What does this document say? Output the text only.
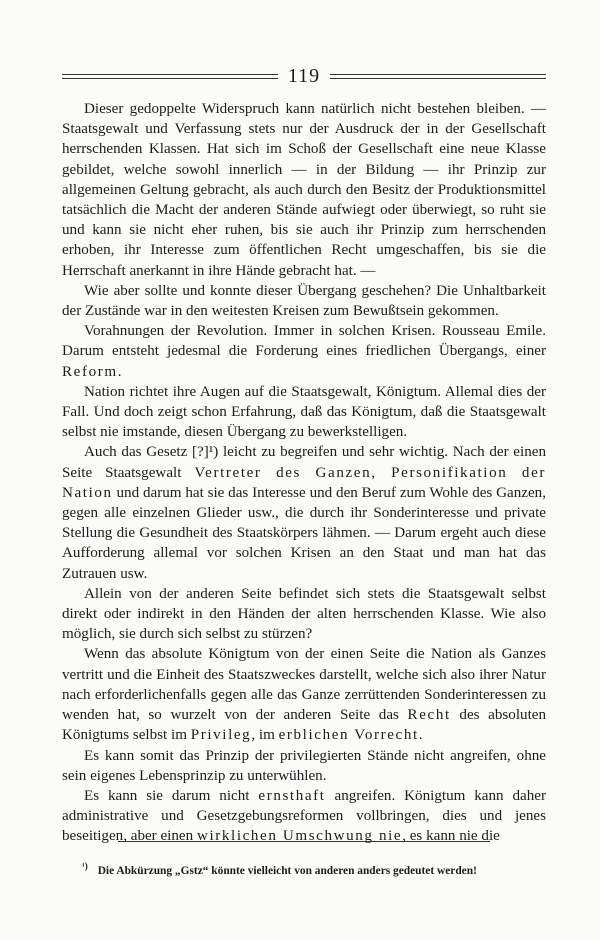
119

Dieser gedoppelte Widerspruch kann natürlich nicht bestehen bleiben. — Staatsgewalt und Verfassung stets nur der Ausdruck der in der Gesellschaft herrschenden Klassen. Hat sich im Schoß der Gesellschaft eine neue Klasse gebildet, welche sowohl innerlich — in der Bildung — ihr Prinzip zur allgemeinen Geltung gebracht, als auch durch den Besitz der Produktionsmittel tatsächlich die Macht der anderen Stände aufwiegt oder überwiegt, so ruht sie und kann sie nicht eher ruhen, bis sie auch ihr Prinzip zum herrschenden erhoben, ihr Interesse zum öffentlichen Recht umgeschaffen, bis sie die Herrschaft anerkannt in ihre Hände gebracht hat. —

Wie aber sollte und konnte dieser Übergang geschehen? Die Unhaltbarkeit der Zustände war in den weitesten Kreisen zum Bewußtsein gekommen.

Vorahnungen der Revolution. Immer in solchen Krisen. Rousseau Emile. Darum entsteht jedesmal die Forderung eines friedlichen Übergangs, einer Reform.

Nation richtet ihre Augen auf die Staatsgewalt, Königtum. Allemal dies der Fall. Und doch zeigt schon Erfahrung, daß das Königtum, daß die Staatsgewalt selbst nie imstande, diesen Übergang zu bewerkstelligen.

Auch das Gesetz [?]¹) leicht zu begreifen und sehr wichtig. Nach der einen Seite Staatsgewalt Vertreter des Ganzen, Personifikation der Nation und darum hat sie das Interesse und den Beruf zum Wohle des Ganzen, gegen alle einzelnen Glieder usw., die durch ihr Sonderinteresse und private Stellung die Gesundheit des Staatskörpers lähmen. — Darum ergeht auch diese Aufforderung allemal vor solchen Krisen an den Staat und man hat das Zutrauen usw.

Allein von der anderen Seite befindet sich stets die Staatsgewalt selbst direkt oder indirekt in den Händen der alten herrschenden Klasse. Wie also möglich, sie durch sich selbst zu stürzen?

Wenn das absolute Königtum von der einen Seite die Nation als Ganzes vertritt und die Einheit des Staatszweckes darstellt, welche sich also ihrer Natur nach erforderlichenfalls gegen alle das Ganze zerrüttenden Sonderinteressen zu wenden hat, so wurzelt von der anderen Seite das Recht des absoluten Königtums selbst im Privileg, im erblichen Vorrecht.

Es kann somit das Prinzip der privilegierten Stände nicht angreifen, ohne sein eigenes Lebensprinzip zu unterwühlen.

Es kann sie darum nicht ernsthaft angreifen. Königtum kann daher administrative und Gesetzgebungsreformen vollbringen, dies und jenes beseitigen, aber einen wirklichen Umschwung nie, es kann nie die

$^{^1)}$ Die Abkürzung „Gstz“ könnte vielleicht von anderen anders gedeutet werden!
